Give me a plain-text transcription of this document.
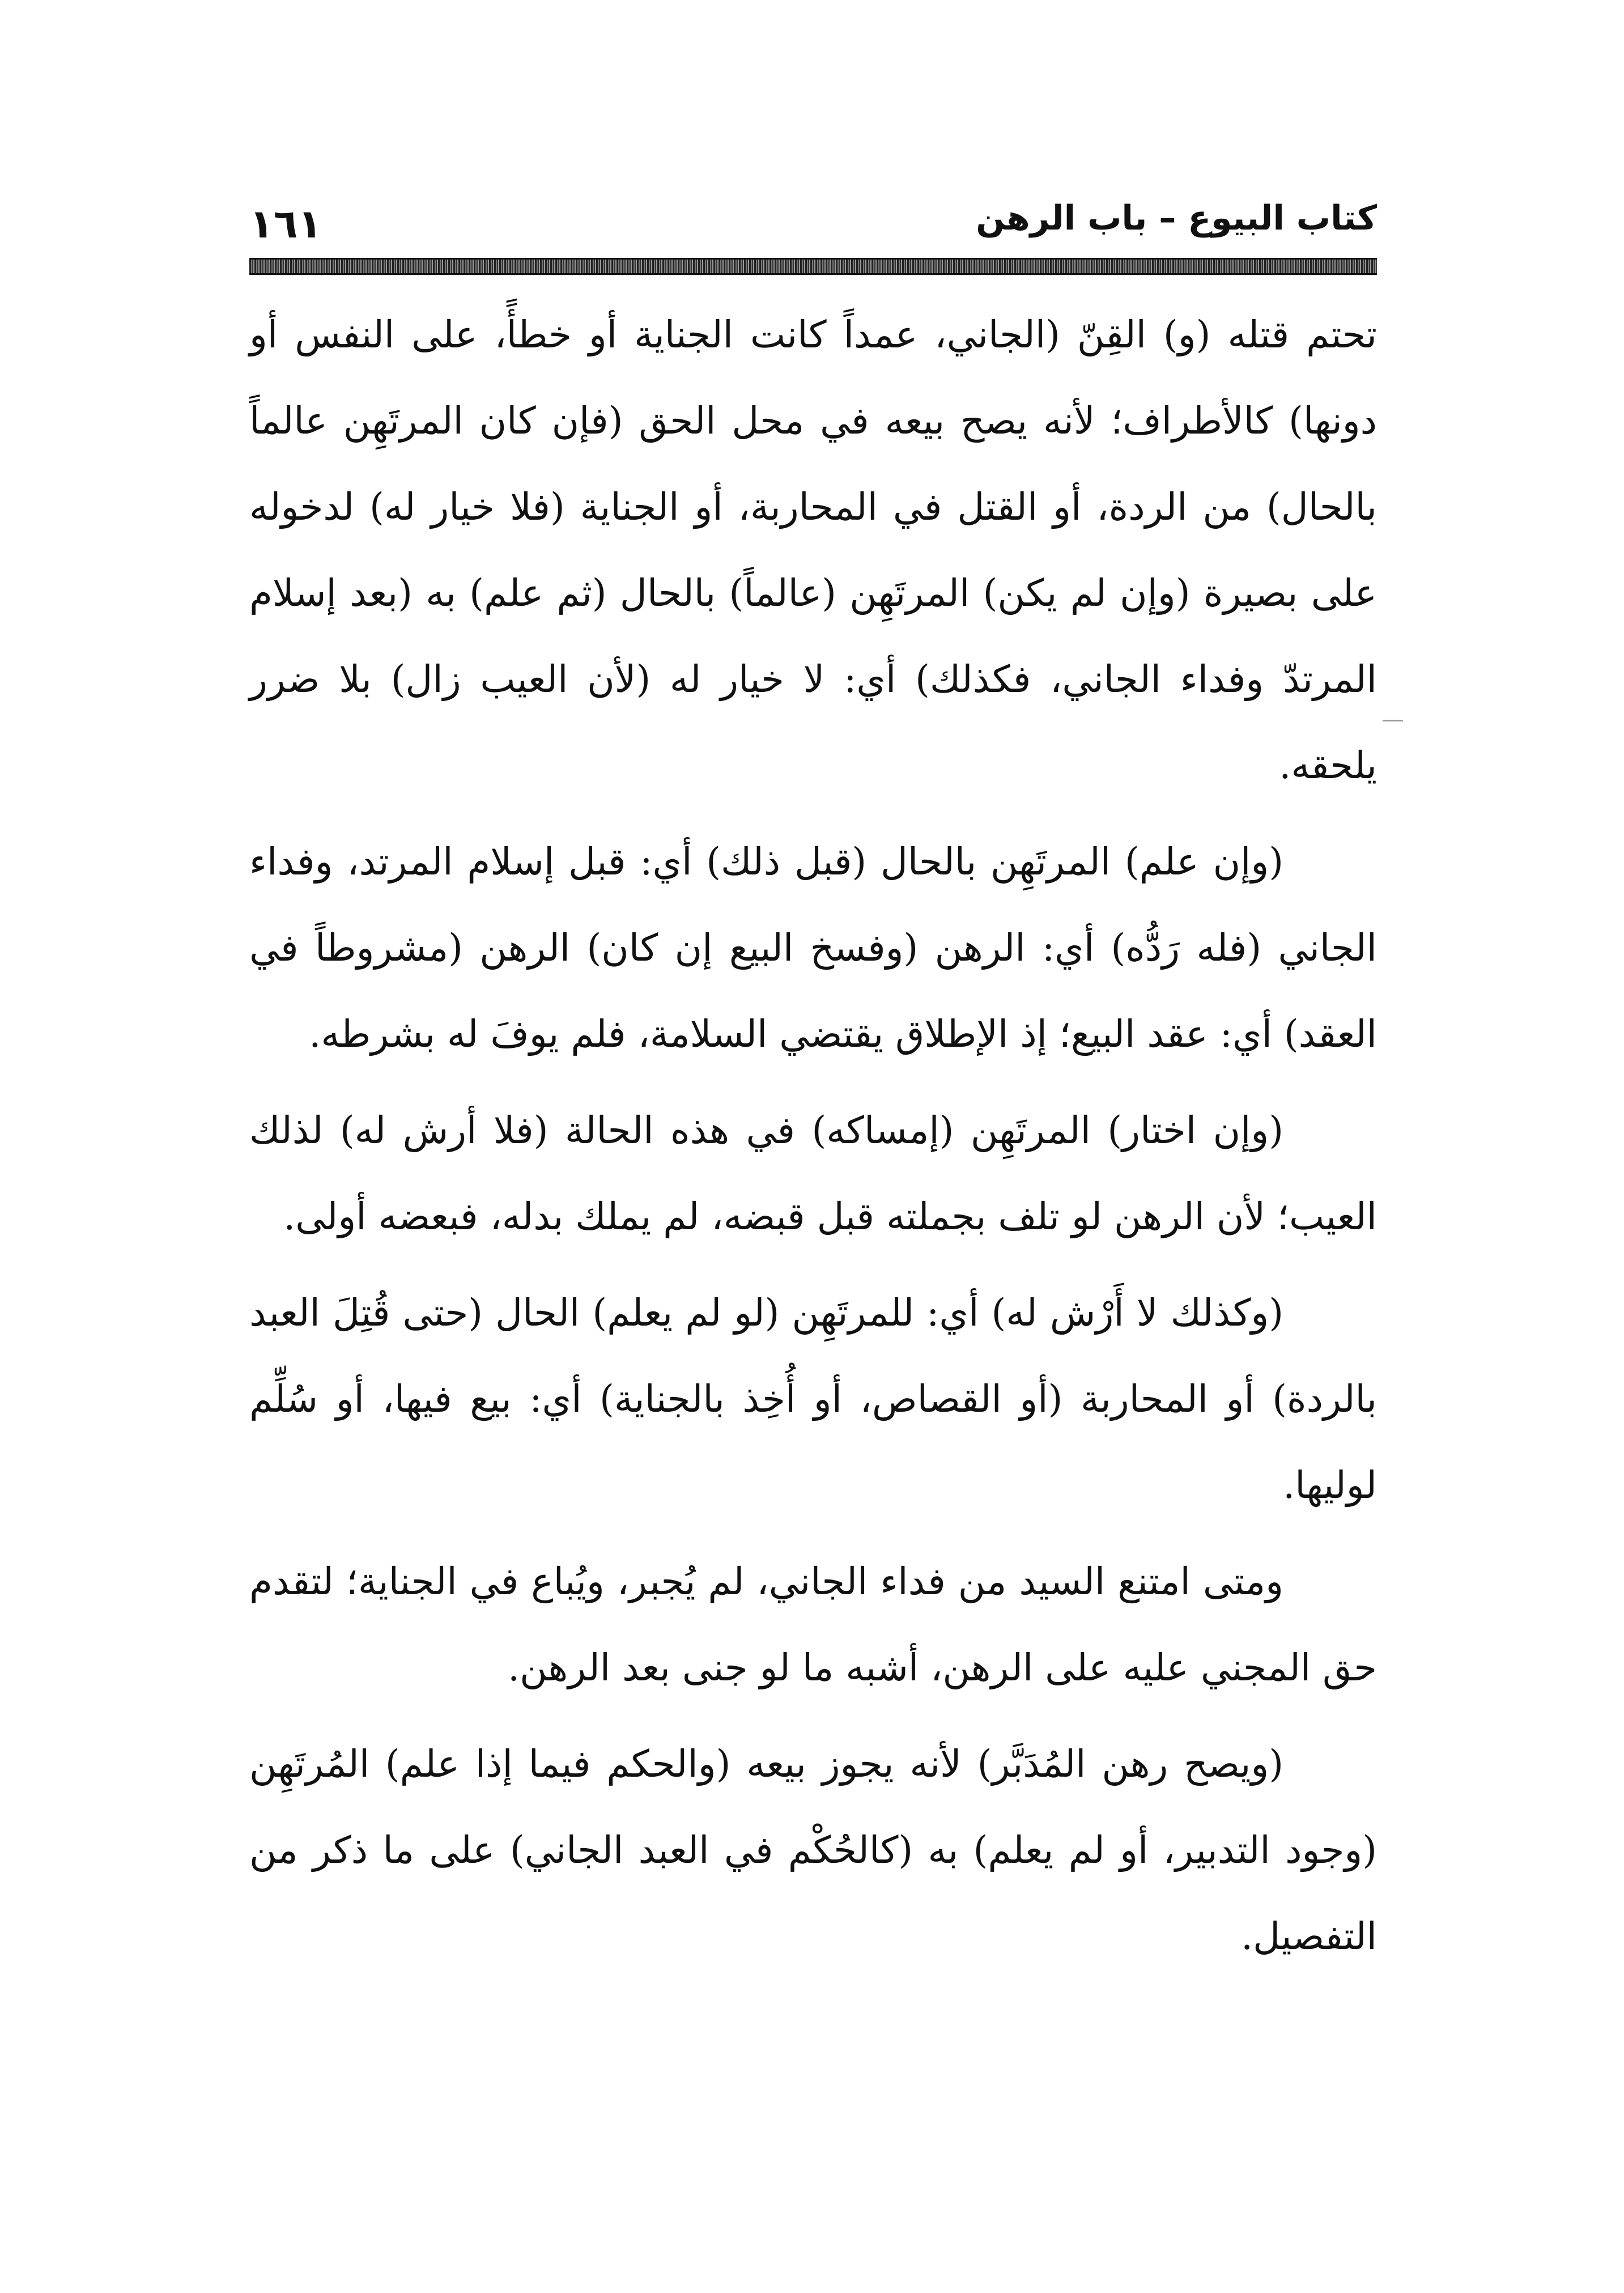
١٦١	كتاب البيوع – باب الرهن

تحتم قتله (و) القِنّ (الجاني، عمداً كانت الجناية أو خطأً، على النفس أو دونها) كالأطراف؛ لأنه يصح بيعه في محل الحق (فإن كان المرتَهِن عالماً بالحال) من الردة، أو القتل في المحاربة، أو الجناية (فلا خيار له) لدخوله على بصيرة (وإن لم يكن) المرتَهِن (عالماً) بالحال (ثم علم) به (بعد إسلام المرتدّ وفداء الجاني، فكذلك) أي: لا خيار له (لأن العيب زال) بلا ضرر يلحقه.

(وإن علم) المرتَهِن بالحال (قبل ذلك) أي: قبل إسلام المرتد، وفداء الجاني (فله رَدُّه) أي: الرهن (وفسخ البيع إن كان) الرهن (مشروطاً في العقد) أي: عقد البيع؛ إذ الإطلاق يقتضي السلامة، فلم يوفَ له بشرطه.

(وإن اختار) المرتَهِن (إمساكه) في هذه الحالة (فلا أرش له) لذلك العيب؛ لأن الرهن لو تلف بجملته قبل قبضه، لم يملك بدله، فبعضه أولى.

(وكذلك لا أَرْش له) أي: للمرتَهِن (لو لم يعلم) الحال (حتى قُتِلَ العبد بالردة) أو المحاربة (أو القصاص، أو أُخِذ بالجناية) أي: بيع فيها، أو سُلِّم لوليها.

ومتى امتنع السيد من فداء الجاني، لم يُجبر، ويُباع في الجناية؛ لتقدم حق المجني عليه على الرهن، أشبه ما لو جنى بعد الرهن.

(ويصح رهن المُدَبَّر) لأنه يجوز بيعه (والحكم فيما إذا علم) المُرتَهِن (وجود التدبير، أو لم يعلم) به (كالحُكْم في العبد الجاني) على ما ذكر من التفصيل.
